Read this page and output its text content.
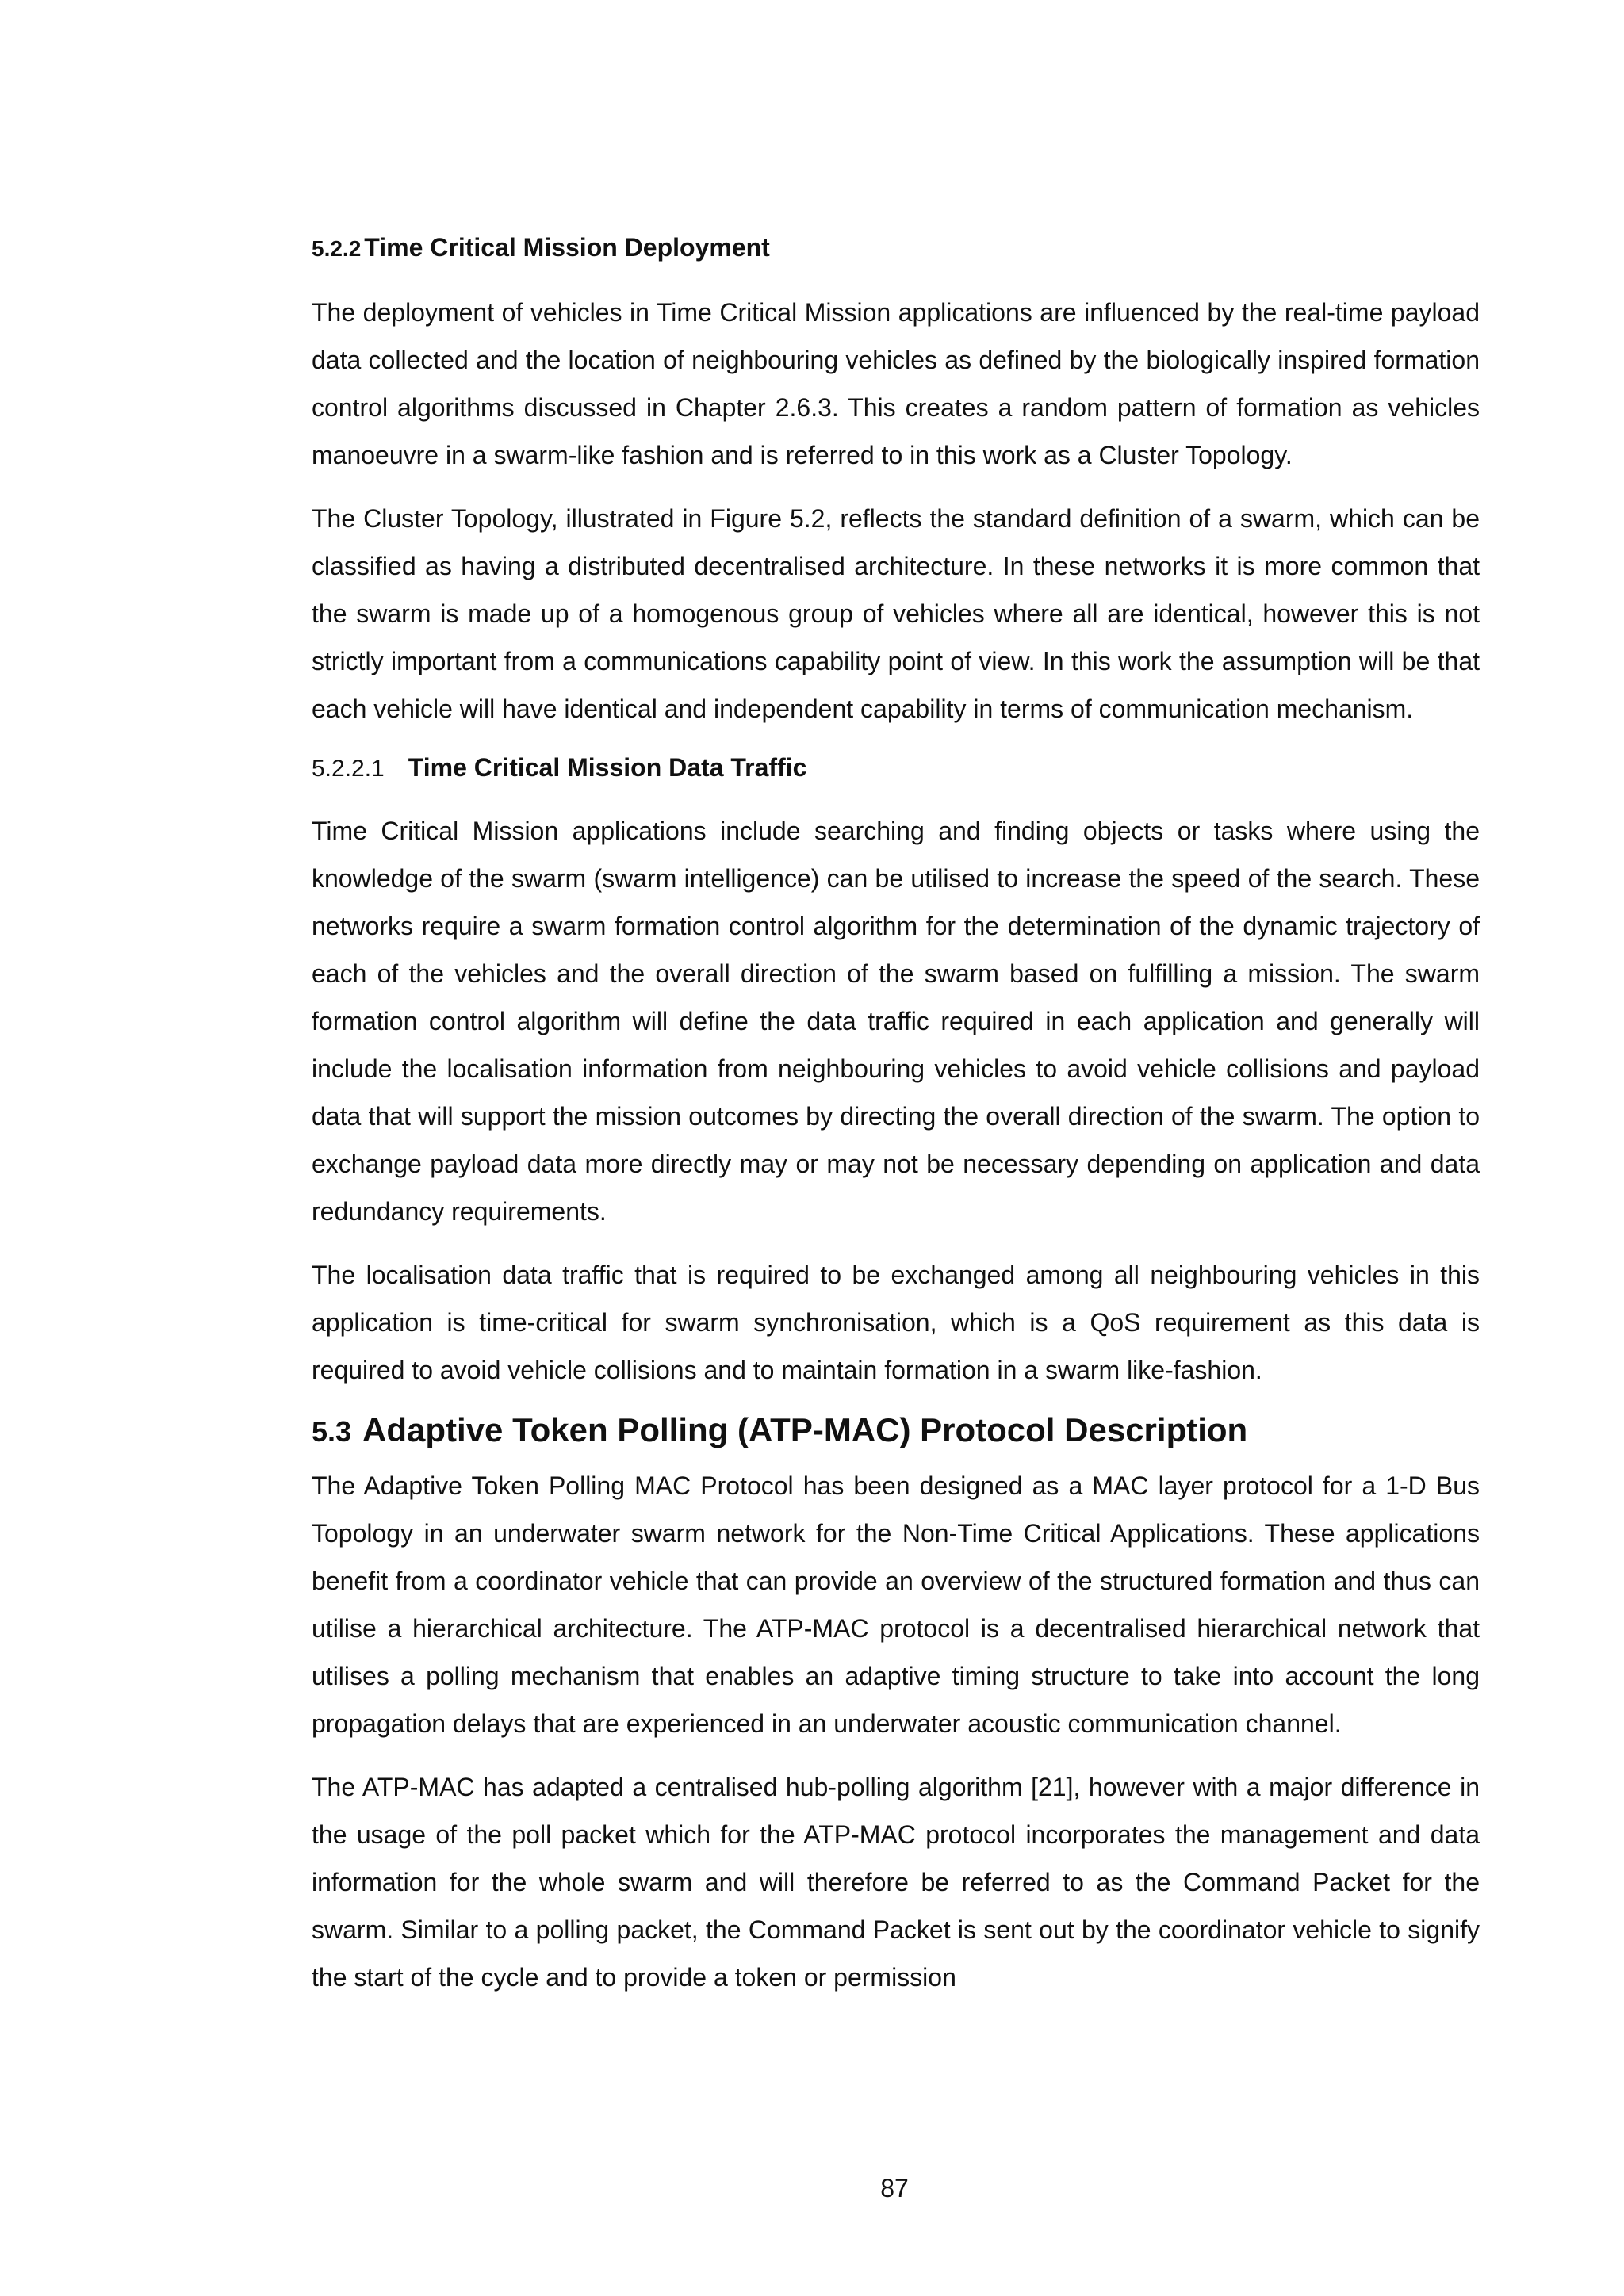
5.2.2 Time Critical Mission Deployment

The deployment of vehicles in Time Critical Mission applications are influenced by the real-time payload data collected and the location of neighbouring vehicles as defined by the biologically inspired formation control algorithms discussed in Chapter 2.6.3. This creates a random pattern of formation as vehicles manoeuvre in a swarm-like fashion and is referred to in this work as a Cluster Topology.

The Cluster Topology, illustrated in Figure 5.2, reflects the standard definition of a swarm, which can be classified as having a distributed decentralised architecture. In these networks it is more common that the swarm is made up of a homogenous group of vehicles where all are identical, however this is not strictly important from a communications capability point of view. In this work the assumption will be that each vehicle will have identical and independent capability in terms of communication mechanism.

5.2.2.1 Time Critical Mission Data Traffic

Time Critical Mission applications include searching and finding objects or tasks where using the knowledge of the swarm (swarm intelligence) can be utilised to increase the speed of the search. These networks require a swarm formation control algorithm for the determination of the dynamic trajectory of each of the vehicles and the overall direction of the swarm based on fulfilling a mission. The swarm formation control algorithm will define the data traffic required in each application and generally will include the localisation information from neighbouring vehicles to avoid vehicle collisions and payload data that will support the mission outcomes by directing the overall direction of the swarm. The option to exchange payload data more directly may or may not be necessary depending on application and data redundancy requirements.

The localisation data traffic that is required to be exchanged among all neighbouring vehicles in this application is time-critical for swarm synchronisation, which is a QoS requirement as this data is required to avoid vehicle collisions and to maintain formation in a swarm like-fashion.

5.3 Adaptive Token Polling (ATP-MAC) Protocol Description

The Adaptive Token Polling MAC Protocol has been designed as a MAC layer protocol for a 1-D Bus Topology in an underwater swarm network for the Non-Time Critical Applications. These applications benefit from a coordinator vehicle that can provide an overview of the structured formation and thus can utilise a hierarchical architecture. The ATP-MAC protocol is a decentralised hierarchical network that utilises a polling mechanism that enables an adaptive timing structure to take into account the long propagation delays that are experienced in an underwater acoustic communication channel.

The ATP-MAC has adapted a centralised hub-polling algorithm [21], however with a major difference in the usage of the poll packet which for the ATP-MAC protocol incorporates the management and data information for the whole swarm and will therefore be referred to as the Command Packet for the swarm. Similar to a polling packet, the Command Packet is sent out by the coordinator vehicle to signify the start of the cycle and to provide a token or permission

87
